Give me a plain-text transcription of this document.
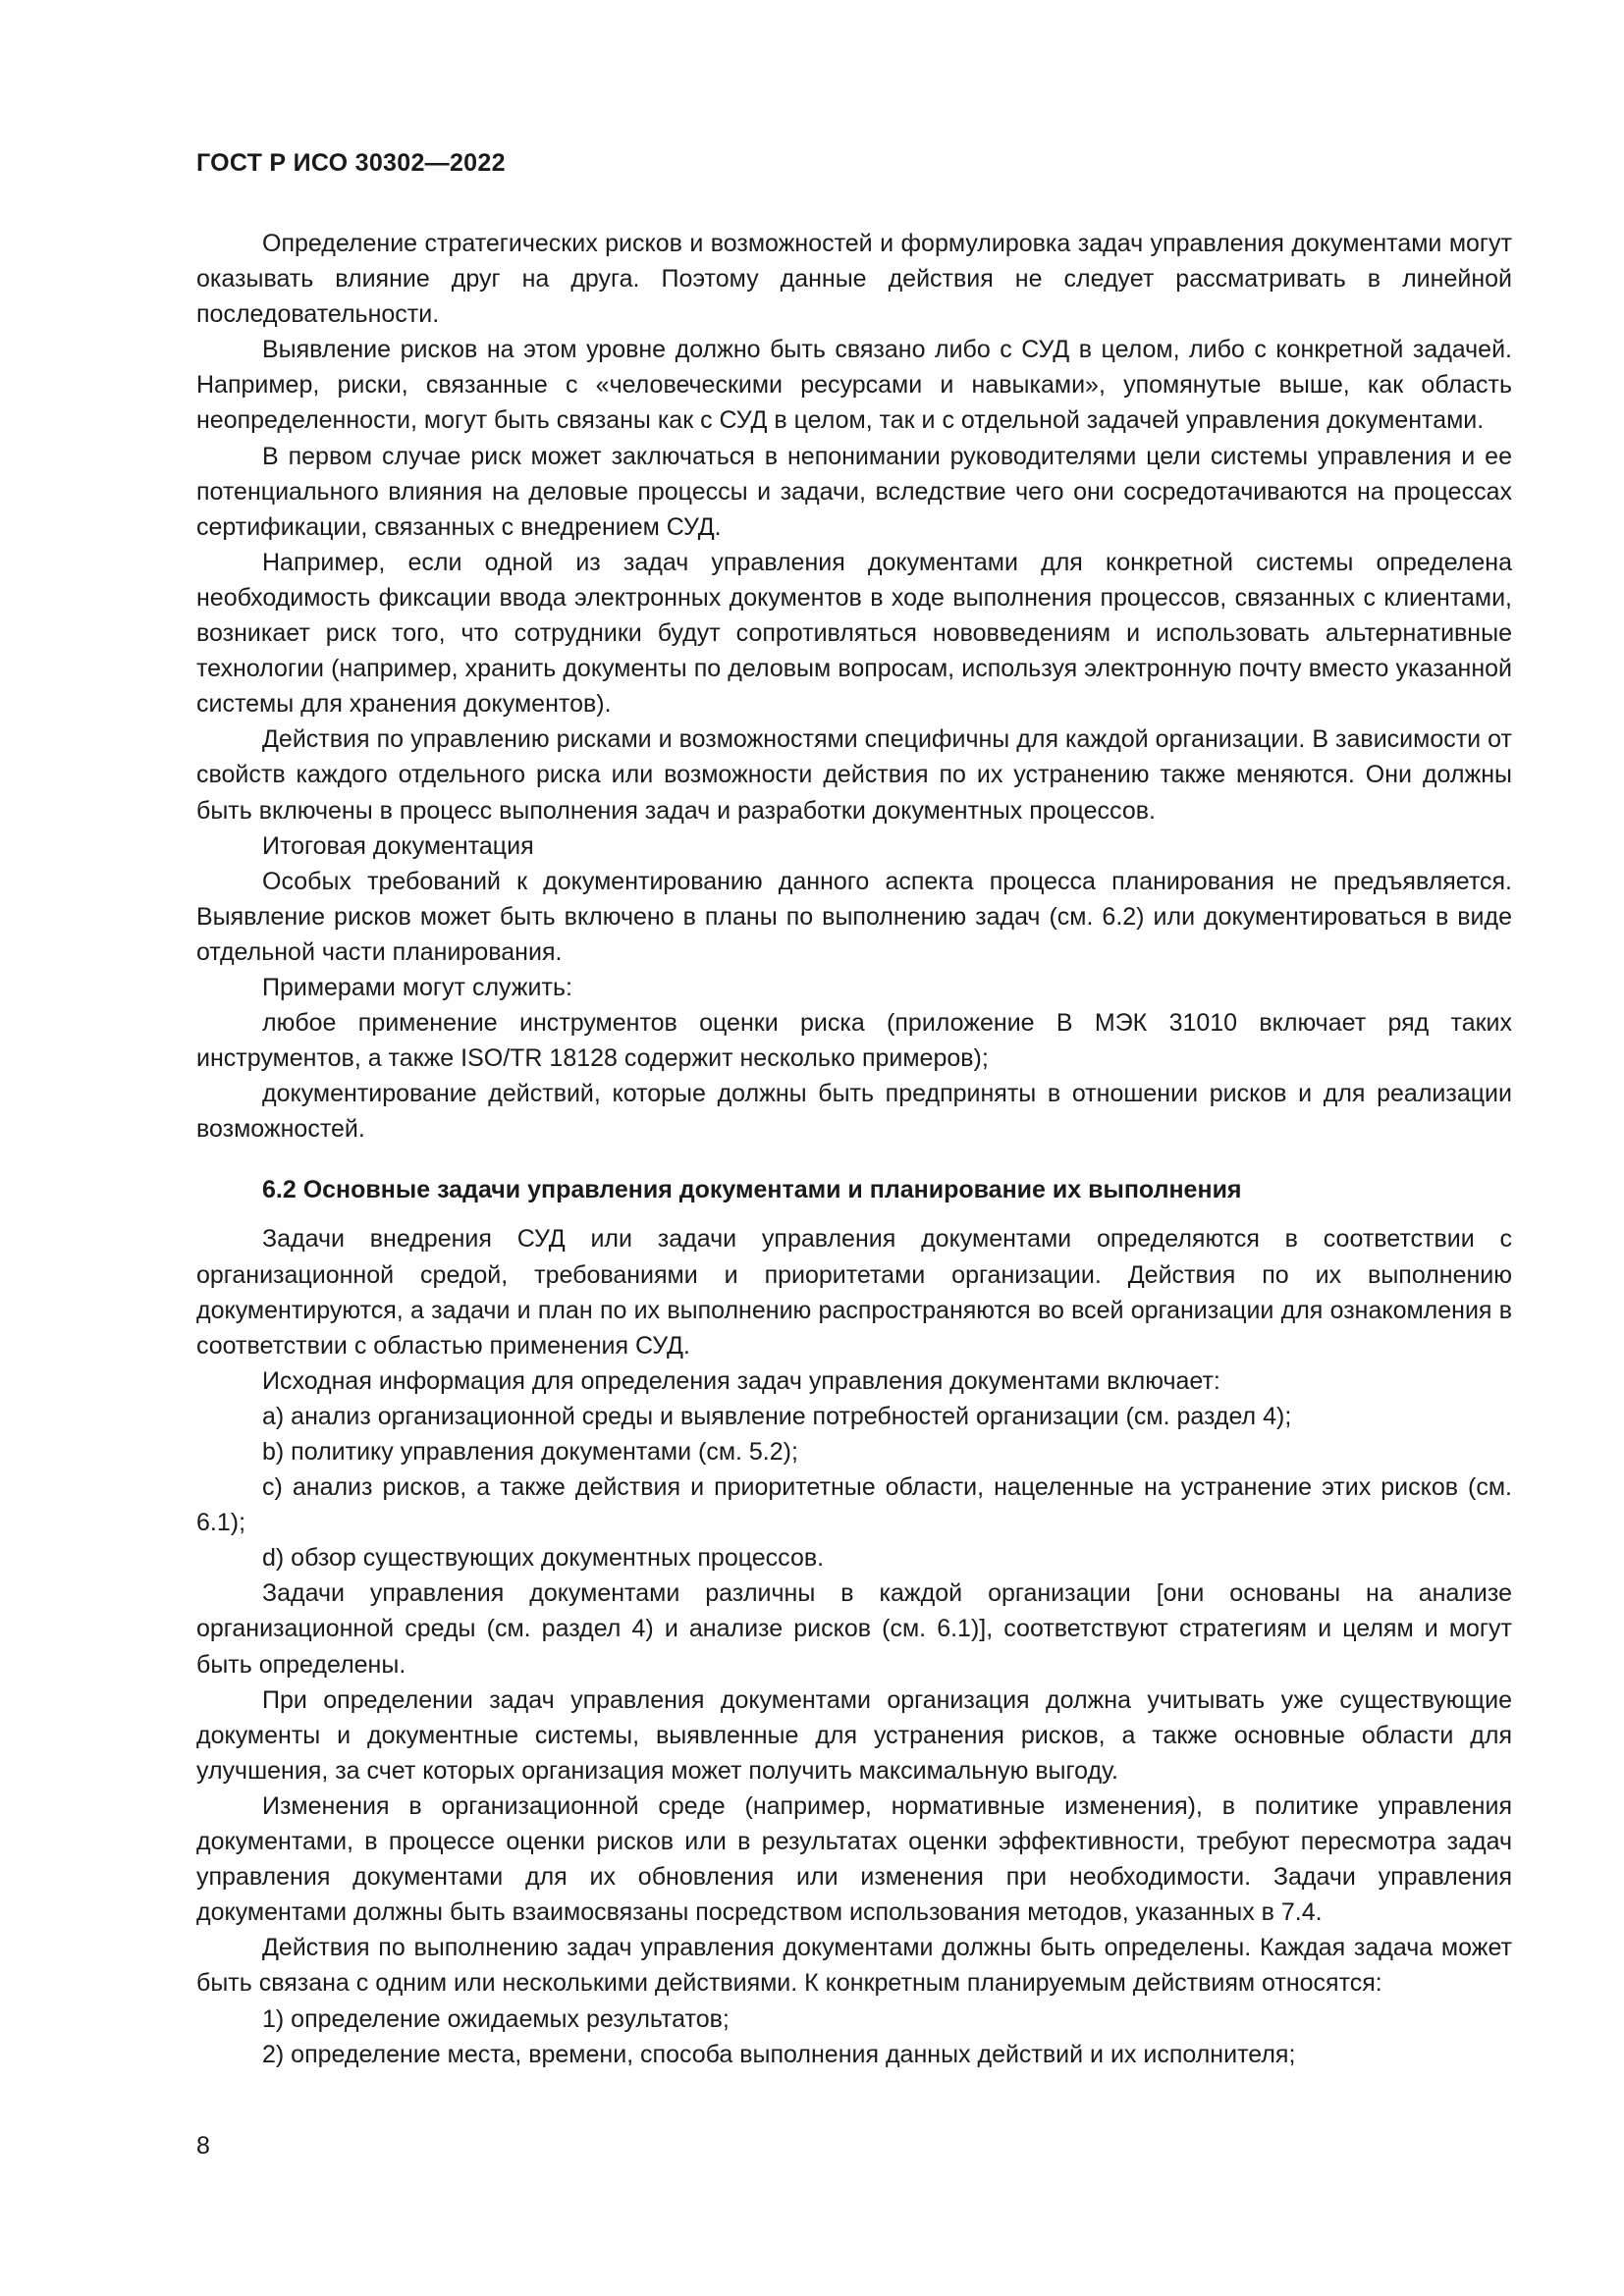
ГОСТ Р ИСО 30302—2022

Определение стратегических рисков и возможностей и формулировка задач управления документами могут оказывать влияние друг на друга. Поэтому данные действия не следует рассматривать в линейной последовательности.

Выявление рисков на этом уровне должно быть связано либо с СУД в целом, либо с конкретной задачей. Например, риски, связанные с «человеческими ресурсами и навыками», упомянутые выше, как область неопределенности, могут быть связаны как с СУД в целом, так и с отдельной задачей управления документами.

В первом случае риск может заключаться в непонимании руководителями цели системы управления и ее потенциального влияния на деловые процессы и задачи, вследствие чего они сосредотачиваются на процессах сертификации, связанных с внедрением СУД.

Например, если одной из задач управления документами для конкретной системы определена необходимость фиксации ввода электронных документов в ходе выполнения процессов, связанных с клиентами, возникает риск того, что сотрудники будут сопротивляться нововведениям и использовать альтернативные технологии (например, хранить документы по деловым вопросам, используя электронную почту вместо указанной системы для хранения документов).

Действия по управлению рисками и возможностями специфичны для каждой организации. В зависимости от свойств каждого отдельного риска или возможности действия по их устранению также меняются. Они должны быть включены в процесс выполнения задач и разработки документных процессов.

Итоговая документация

Особых требований к документированию данного аспекта процесса планирования не предъявляется. Выявление рисков может быть включено в планы по выполнению задач (см. 6.2) или документироваться в виде отдельной части планирования.

Примерами могут служить:

любое применение инструментов оценки риска (приложение В МЭК 31010 включает ряд таких инструментов, а также ISO/TR 18128 содержит несколько примеров);

документирование действий, которые должны быть предприняты в отношении рисков и для реализации возможностей.

6.2 Основные задачи управления документами и планирование их выполнения

Задачи внедрения СУД или задачи управления документами определяются в соответствии с организационной средой, требованиями и приоритетами организации. Действия по их выполнению документируются, а задачи и план по их выполнению распространяются во всей организации для ознакомления в соответствии с областью применения СУД.

Исходная информация для определения задач управления документами включает:

a) анализ организационной среды и выявление потребностей организации (см. раздел 4);

b) политику управления документами (см. 5.2);

c) анализ рисков, а также действия и приоритетные области, нацеленные на устранение этих рисков (см. 6.1);

d) обзор существующих документных процессов.

Задачи управления документами различны в каждой организации [они основаны на анализе организационной среды (см. раздел 4) и анализе рисков (см. 6.1)], соответствуют стратегиям и целям и могут быть определены.

При определении задач управления документами организация должна учитывать уже существующие документы и документные системы, выявленные для устранения рисков, а также основные области для улучшения, за счет которых организация может получить максимальную выгоду.

Изменения в организационной среде (например, нормативные изменения), в политике управления документами, в процессе оценки рисков или в результатах оценки эффективности, требуют пересмотра задач управления документами для их обновления или изменения при необходимости. Задачи управления документами должны быть взаимосвязаны посредством использования методов, указанных в 7.4.

Действия по выполнению задач управления документами должны быть определены. Каждая задача может быть связана с одним или несколькими действиями. К конкретным планируемым действиям относятся:

1) определение ожидаемых результатов;

2) определение места, времени, способа выполнения данных действий и их исполнителя;

8
